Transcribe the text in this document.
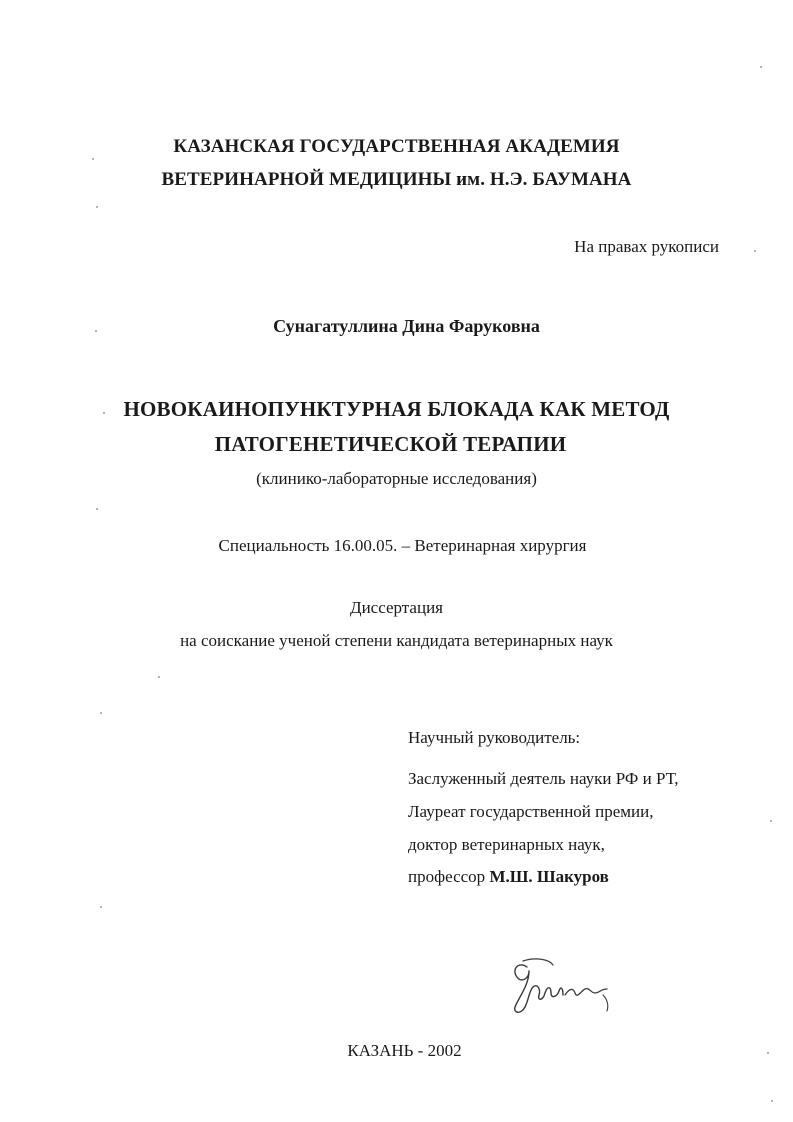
КАЗАНСКАЯ ГОСУДАРСТВЕННАЯ АКАДЕМИЯ
ВЕТЕРИНАРНОЙ МЕДИЦИНЫ им. Н.Э. БАУМАНА
На правах рукописи
Сунагатуллина Дина Фаруковна
НОВОКАИНОПУНКТУРНАЯ БЛОКАДА КАК МЕТОД
ПАТОГЕНЕТИЧЕСКОЙ ТЕРАПИИ
(клинико-лабораторные исследования)
Специальность 16.00.05. – Ветеринарная хирургия
Диссертация
на соискание ученой степени кандидата ветеринарных наук
Научный руководитель:
Заслуженный деятель науки РФ и РТ,
Лауреат государственной премии,
доктор ветеринарных наук,
профессор М.Ш. Шакуров
КАЗАНЬ - 2002
